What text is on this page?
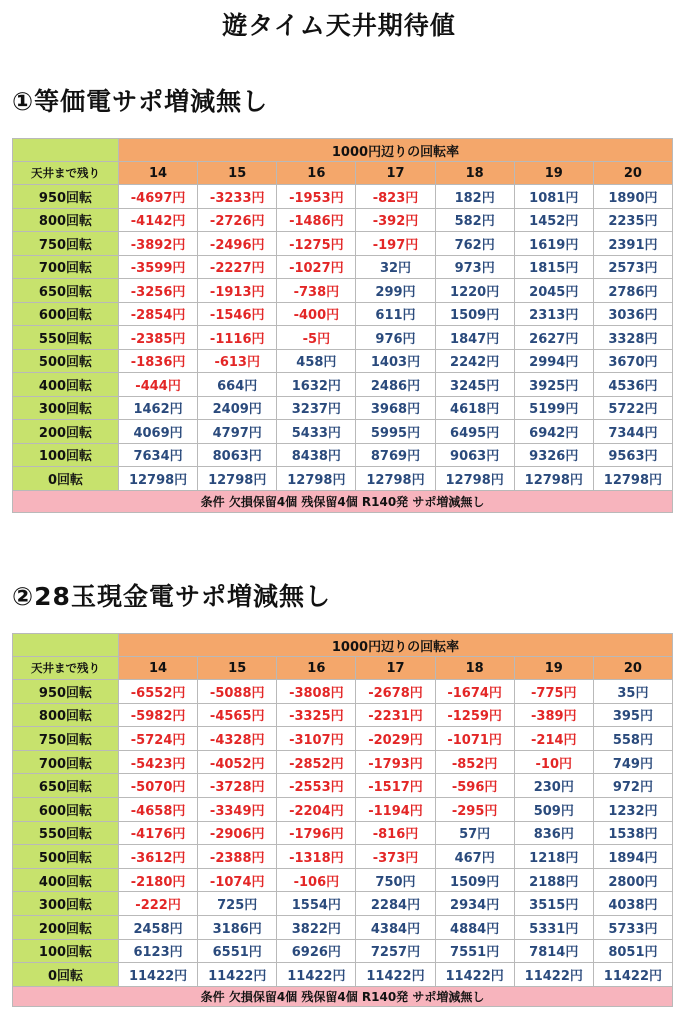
遊タイム天井期待値
①等価電サポ増減無し
	1000円辺りの回転率						
天井まで残り	14	15	16	17	18	19	20
950回転	-4697円	-3233円	-1953円	-823円	182円	1081円	1890円
800回転	-4142円	-2726円	-1486円	-392円	582円	1452円	2235円
750回転	-3892円	-2496円	-1275円	-197円	762円	1619円	2391円
700回転	-3599円	-2227円	-1027円	32円	973円	1815円	2573円
650回転	-3256円	-1913円	-738円	299円	1220円	2045円	2786円
600回転	-2854円	-1546円	-400円	611円	1509円	2313円	3036円
550回転	-2385円	-1116円	-5円	976円	1847円	2627円	3328円
500回転	-1836円	-613円	458円	1403円	2242円	2994円	3670円
400回転	-444円	664円	1632円	2486円	3245円	3925円	4536円
300回転	1462円	2409円	3237円	3968円	4618円	5199円	5722円
200回転	4069円	4797円	5433円	5995円	6495円	6942円	7344円
100回転	7634円	8063円	8438円	8769円	9063円	9326円	9563円
0回転	12798円	12798円	12798円	12798円	12798円	12798円	12798円
条件 欠損保留4個 残保留4個 R140発 サポ増減無し							
②28玉現金電サポ増減無し
	1000円辺りの回転率						
天井まで残り	14	15	16	17	18	19	20
950回転	-6552円	-5088円	-3808円	-2678円	-1674円	-775円	35円
800回転	-5982円	-4565円	-3325円	-2231円	-1259円	-389円	395円
750回転	-5724円	-4328円	-3107円	-2029円	-1071円	-214円	558円
700回転	-5423円	-4052円	-2852円	-1793円	-852円	-10円	749円
650回転	-5070円	-3728円	-2553円	-1517円	-596円	230円	972円
600回転	-4658円	-3349円	-2204円	-1194円	-295円	509円	1232円
550回転	-4176円	-2906円	-1796円	-816円	57円	836円	1538円
500回転	-3612円	-2388円	-1318円	-373円	467円	1218円	1894円
400回転	-2180円	-1074円	-106円	750円	1509円	2188円	2800円
300回転	-222円	725円	1554円	2284円	2934円	3515円	4038円
200回転	2458円	3186円	3822円	4384円	4884円	5331円	5733円
100回転	6123円	6551円	6926円	7257円	7551円	7814円	8051円
0回転	11422円	11422円	11422円	11422円	11422円	11422円	11422円
条件 欠損保留4個 残保留4個 R140発 サポ増減無し							
